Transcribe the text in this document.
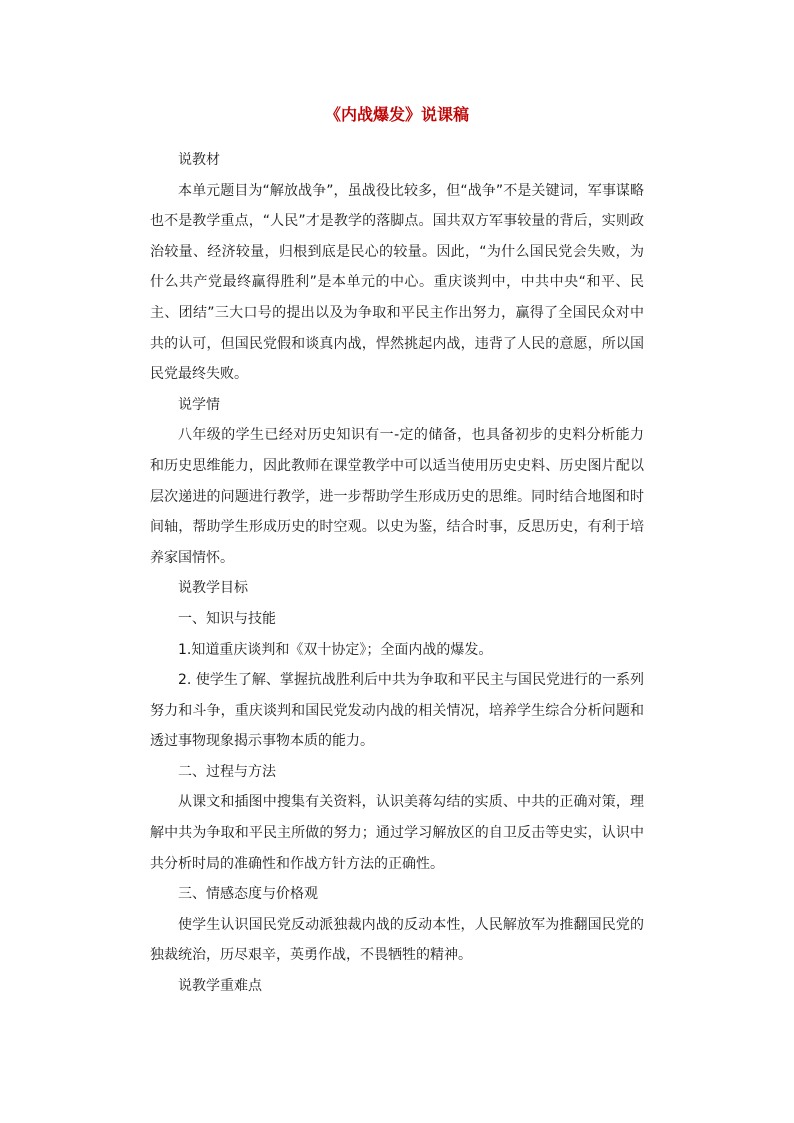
《内战爆发》说课稿

说教材

本单元题目为“解放战争”，虽战役比较多，但“战争”不是关键词，军事谋略也不是教学重点，“人民”才是教学的落脚点。国共双方军事较量的背后，实则政治较量、经济较量，归根到底是民心的较量。因此，“为什么国民党会失败，为什么共产党最终赢得胜利”是本单元的中心。重庆谈判中，中共中央“和平、民主、团结”三大口号的提出以及为争取和平民主作出努力，赢得了全国民众对中共的认可，但国民党假和谈真内战，悍然挑起内战，违背了人民的意愿，所以国民党最终失败。

说学情

八年级的学生已经对历史知识有一-定的储备，也具备初步的史料分析能力和历史思维能力，因此教师在课堂教学中可以适当使用历史史料、历史图片配以层次递进的问题进行教学，进一步帮助学生形成历史的思维。同时结合地图和时间轴，帮助学生形成历史的时空观。以史为鉴，结合时事，反思历史，有利于培养家国情怀。

说教学目标

一、知识与技能

1.知道重庆谈判和《双十协定》；全面内战的爆发。

2. 使学生了解、掌握抗战胜利后中共为争取和平民主与国民党进行的一系列努力和斗争，重庆谈判和国民党发动内战的相关情况，培养学生综合分析问题和透过事物现象揭示事物本质的能力。

二、过程与方法

从课文和插图中搜集有关资料，认识美蒋勾结的实质、中共的正确对策，理解中共为争取和平民主所做的努力；通过学习解放区的自卫反击等史实，认识中共分析时局的准确性和作战方针方法的正确性。

三、情感态度与价格观

使学生认识国民党反动派独裁内战的反动本性，人民解放军为推翻国民党的独裁统治，历尽艰辛，英勇作战，不畏牺牲的精神。

说教学重难点
